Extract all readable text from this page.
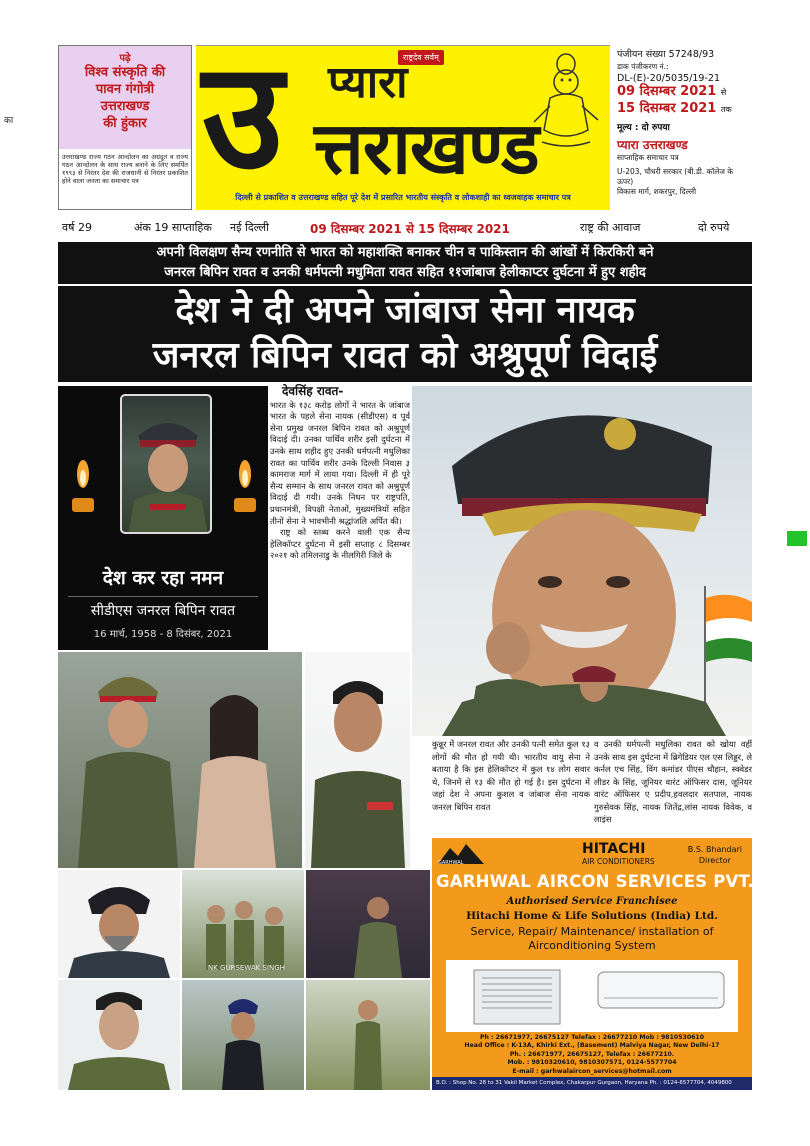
का
पढ़े
विश्व संस्कृति की
पावन गंगोत्री
उत्तराखण्ड
की हुंकार
उत्तराखण्ड राज्य गठन आन्दोलन का अग्रदूत व राज्य गठन आन्दोलन के साथ राज्य बनाने के लिए समर्पित १९९३ से निरंतर देश की राजधानी से निरंतर प्रकाशित होने वाला जनता का समाचार पत्र उ	राष्ट्रदेव सर्वम्
प्यारा
त्तराखण्ड
दिल्ली से प्रकाशित व उत्तराखण्ड सहित पूरे देश में प्रसारित भारतीय संस्कृति व लोकशाही का ध्वजवाहक समाचार पत्र
पंजीयन संख्या 57248/93
डाक पंजीकरण नं.:
DL-(E)-20/5035/19-21
09 दिसम्बर 2021 से
15 दिसम्बर 2021 तक
मूल्य : दो रुपया
प्यारा उत्तराखण्ड
साप्ताहिक समाचार पत्र
U-203, चौधरी सरकार (बी.डी. कॉलेज के ऊपर)
विकास मार्ग, शकरपुर, दिल्ली
वर्ष 29	अंक 19 साप्ताहिक नई दिल्ली	09 दिसम्बर 2021 से 15 दिसम्बर 2021	राष्ट्र की आवाज	दो रुपये
अपनी विलक्षण सैन्य रणनीति से भारत को महाशक्ति बनाकर चीन व पाकिस्तान की आंखों में किरकिरी बने
जनरल बिपिन रावत व उनकी धर्मपत्नी मधुमिता रावत सहित ११जांबाज हेलीकाप्टर दुर्घटना में हुए शहीद
देश ने दी अपने जांबाज सेना नायक
जनरल बिपिन रावत को अश्रुपूर्ण विदाई
देश कर रहा नमन
सीडीएस जनरल बिपिन रावत
16 मार्च, 1958 - 8 दिसंबर, 2021
देवसिंह रावत-

भारत के १३८ करोड़ लोगों ने भारत के जांबाज भारत के पहले सेना नायक (सीडीएस) व पूर्व सेना प्रमुख जनरल बिपिन रावत को अश्रुपूर्ण विदाई दी। उनका पार्थिव शरीर इसी दुर्घटना में उनके साथ शहीद हुए उनकी धर्मपत्नी मधुलिका रावत का पार्थिव शरीर उनके दिल्ली निवास ३ कामराज मार्ग में लाया गया। दिल्ली में ही पूरे सैन्य सम्मान के साथ जनरल रावत को अश्रुपूर्ण विदाई दी गयी। उनके निधन पर राष्ट्रपति, प्रधानमंत्री, विपक्षी नेताओं, मुख्यमंत्रियों सहित तीनों सेना ने भावभीनी श्रद्धांजलि अर्पित की।

राष्ट्र को स्तब्ध करने वाली एक सैन्य हेलिकॉप्टर दुर्घटना में इसी सप्ताह ८ दिसम्बर २०२१ को तमिलनाडु के नीलगिरी जिले के

NK GURSEWAK SINGH
कुन्नूर में जनरल रावत और उनकी पत्नी समेत कुल १३ लोगों की मौत हो गयी थी। भारतीय वायु सेना ने बताया है कि इस हेलिकॉप्टर में कुल १४ लोग सवार थे, जिनमें से १३ की मौत हो गई है। इस दुर्घटना में जहां देश ने अपना कुशल व जांबाज सेना नायक जनरल बिपिन रावत
व उनकी धर्मपत्नी मधुलिका रावत को खोया वहीं उनके साथ इस दुर्घटना में ब्रिगेडियर एल एस लिड्डर, ले कर्नल एच सिंह, विंग कमांडर पीएस चौहान, स्क्वेडर लीडर के सिंह, जूनियर वारंट ऑफिसर दास, जूनियर वारंट ऑफिसर ए प्रदीप,हवलदार सतपाल, नायक गुरुसेवक सिंह, नायक जितेंद्र,लांस नायक विवेक, व लाइंस
GARHWAL
HITACHI
AIR CONDITIONERS
B.S. Bhandari
Director
GARHWAL AIRCON SERVICES PVT.LTD.
Authorised Service Franchisee
Hitachi Home & Life Solutions (India) Ltd.
Service, Repair/ Maintenance/ installation of
Airconditioning System
Ph : 26671977, 26675127 Telefax : 26677210 Mob : 9810530610
Head Office : K-13A, Khirki Ext., (Basement) Malviya Nagar, New Delhi-17
Ph. : 26671977, 26675127, Telefax : 26677210.
Mob. : 9810320610, 9810307571, 0124-5577704
E-mail : garhwalaircon_services@hotmail.com
B.O. : Shop No. 28 to 31 Vakil Market Complex, Chakarpur Gurgaon, Haryana Ph. : 0124-6577704, 4049800
